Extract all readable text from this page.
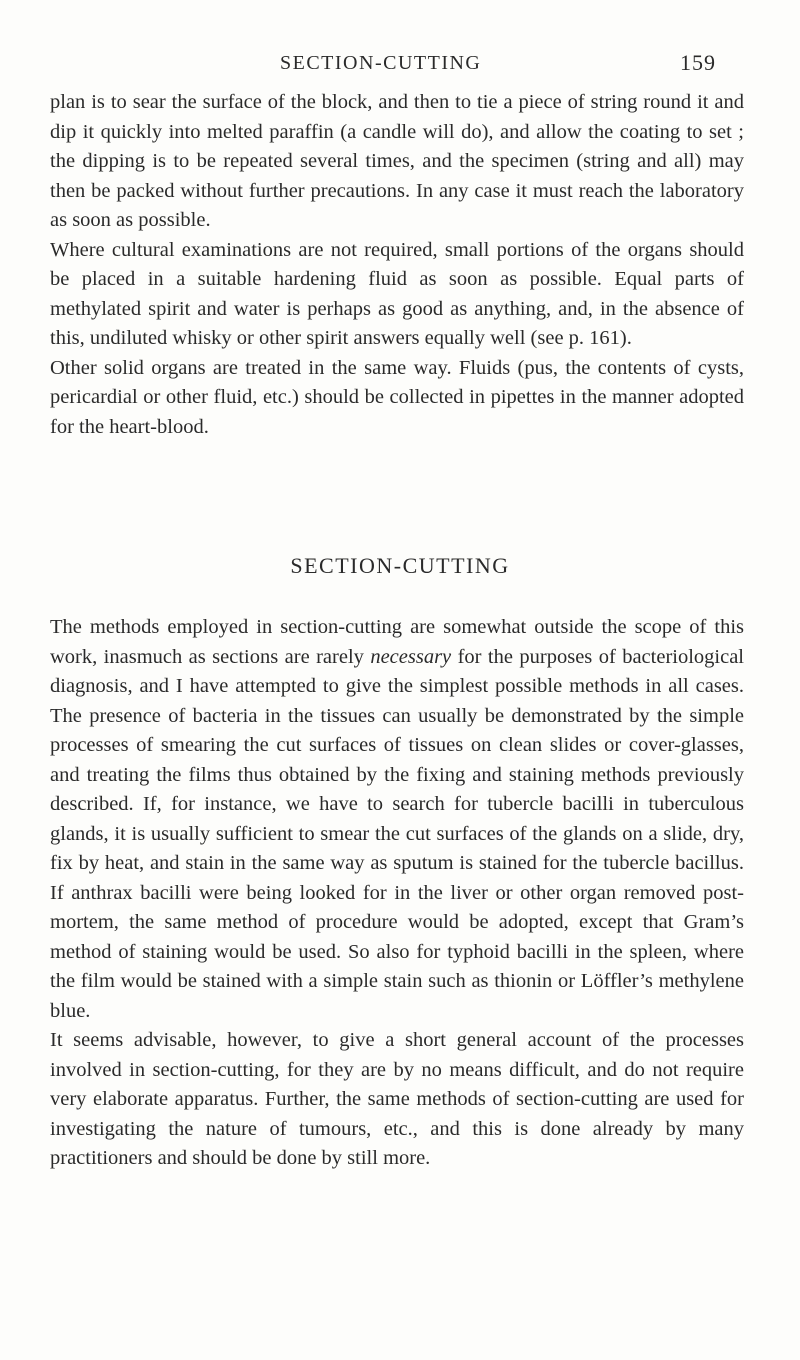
SECTION-CUTTING	159

plan is to sear the surface of the block, and then to tie a piece of string round it and dip it quickly into melted paraffin (a candle will do), and allow the coating to set ; the dipping is to be repeated several times, and the specimen (string and all) may then be packed without further precautions. In any case it must reach the laboratory as soon as possible.

Where cultural examinations are not required, small portions of the organs should be placed in a suitable hardening fluid as soon as possible. Equal parts of methylated spirit and water is perhaps as good as anything, and, in the absence of this, undiluted whisky or other spirit answers equally well (see p. 161).

Other solid organs are treated in the same way. Fluids (pus, the contents of cysts, pericardial or other fluid, etc.) should be collected in pipettes in the manner adopted for the heart-blood.

SECTION-CUTTING

The methods employed in section-cutting are somewhat outside the scope of this work, inasmuch as sections are rarely necessary for the purposes of bacteriological diagnosis, and I have attempted to give the simplest possible methods in all cases. The presence of bacteria in the tissues can usually be demonstrated by the simple processes of smearing the cut surfaces of tissues on clean slides or cover-glasses, and treating the films thus obtained by the fixing and staining methods previously described. If, for instance, we have to search for tubercle bacilli in tuberculous glands, it is usually sufficient to smear the cut surfaces of the glands on a slide, dry, fix by heat, and stain in the same way as sputum is stained for the tubercle bacillus. If anthrax bacilli were being looked for in the liver or other organ removed post-mortem, the same method of procedure would be adopted, except that Gram’s method of staining would be used. So also for typhoid bacilli in the spleen, where the film would be stained with a simple stain such as thionin or Löffler’s methylene blue.

It seems advisable, however, to give a short general account of the processes involved in section-cutting, for they are by no means difficult, and do not require very elaborate apparatus. Further, the same methods of section-cutting are used for investigating the nature of tumours, etc., and this is done already by many practitioners and should be done by still more.
